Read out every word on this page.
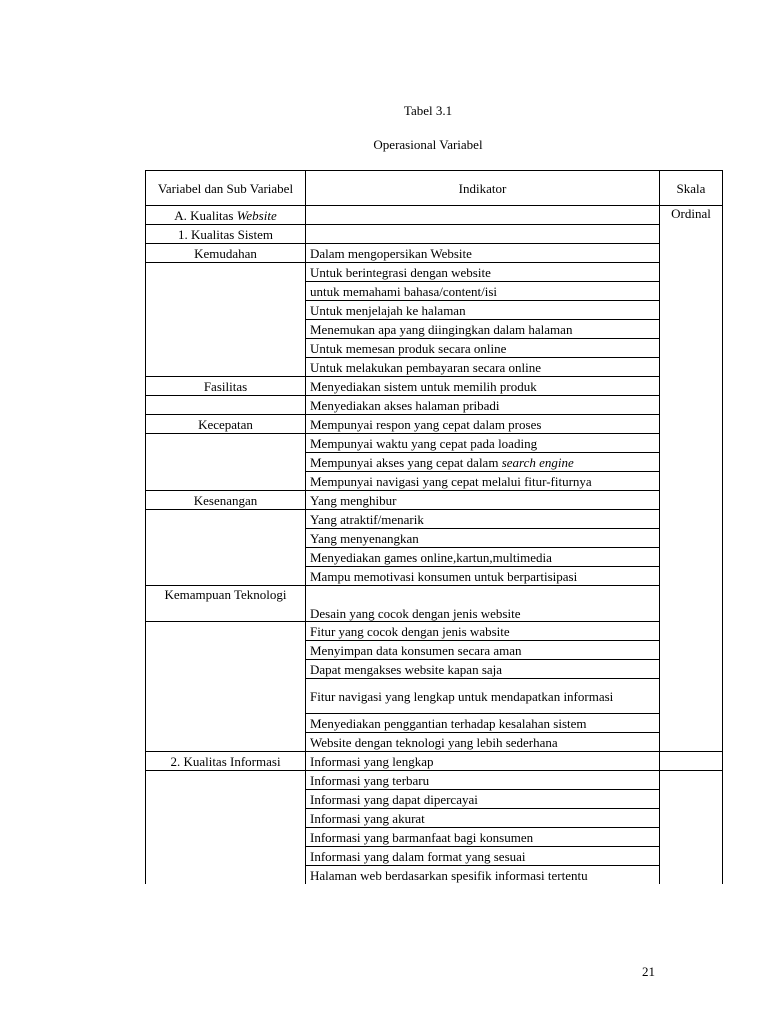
Tabel 3.1
Operasional Variabel
Variabel dan Sub Variabel	Indikator	Skala
A. Kualitas Website		Ordinal
1. Kualitas Sistem		
Kemudahan	Dalam mengopersikan Website	
	Untuk berintegrasi dengan website	
	untuk memahami bahasa/content/isi	
	Untuk menjelajah ke halaman	
	Menemukan apa yang diingingkan dalam halaman	
	Untuk memesan produk secara online	
	Untuk melakukan pembayaran secara online	
Fasilitas	Menyediakan sistem untuk memilih produk	
	Menyediakan akses halaman pribadi	
Kecepatan	Mempunyai respon yang cepat dalam proses	
	Mempunyai waktu yang cepat pada loading	
	Mempunyai akses yang cepat dalam search engine	
	Mempunyai navigasi yang cepat melalui fitur-fiturnya	
Kesenangan	Yang menghibur	
	Yang atraktif/menarik	
	Yang menyenangkan	
	Menyediakan games online,kartun,multimedia	
	Mampu memotivasi konsumen untuk berpartisipasi	
Kemampuan Teknologi	Desain yang cocok dengan jenis website	
	Fitur yang cocok dengan jenis wabsite	
	Menyimpan data konsumen secara aman	
	Dapat mengakses website kapan saja	
	Fitur navigasi yang lengkap untuk mendapatkan informasi	
	Menyediakan penggantian terhadap kesalahan sistem	
	Website dengan teknologi yang lebih sederhana	
2. Kualitas Informasi	Informasi yang lengkap	
	Informasi yang terbaru	
	Informasi yang dapat dipercayai	
	Informasi yang akurat	
	Informasi yang barmanfaat bagi konsumen	
	Informasi yang dalam format yang sesuai	
	Halaman web berdasarkan spesifik informasi tertentu	
21
